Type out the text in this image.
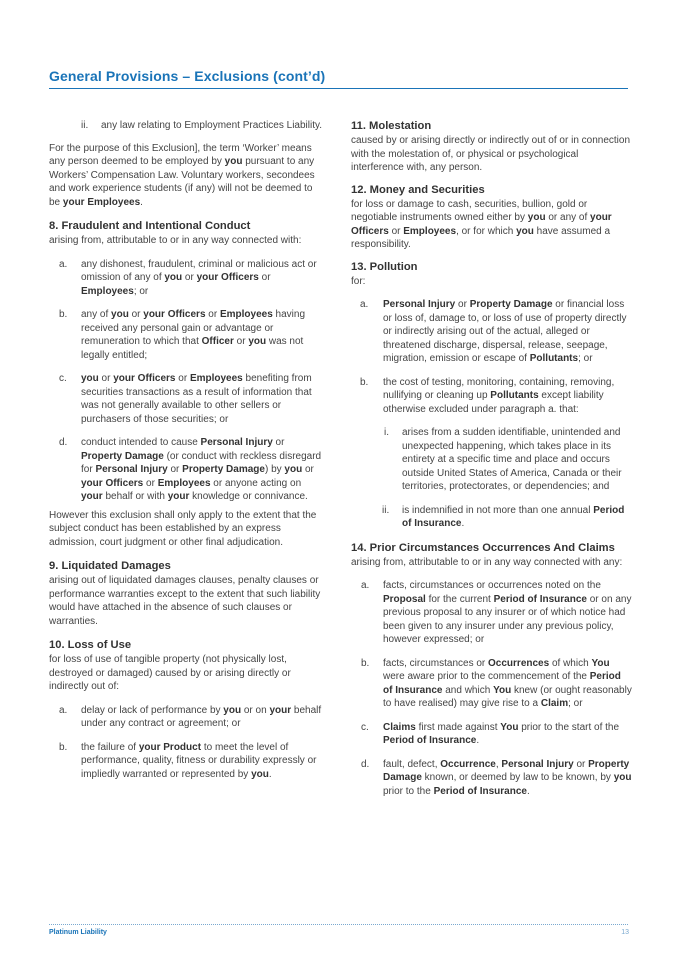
General Provisions – Exclusions (cont’d)
ii. any law relating to Employment Practices Liability.

For the purpose of this Exclusion], the term ‘Worker’ means any person deemed to be employed by you pursuant to any Workers’ Compensation Law. Voluntary workers, secondees and work experience students (if any) will not be deemed to be your Employees.

8. Fraudulent and Intentional Conduct

arising from, attributable to or in any way connected with:

a. any dishonest, fraudulent, criminal or malicious act or omission of any of you or your Officers or Employees; or
b. any of you or your Officers or Employees having received any personal gain or advantage or remuneration to which that Officer or you was not legally entitled;
c. you or your Officers or Employees benefiting from securities transactions as a result of information that was not generally available to other sellers or purchasers of those securities; or
d. conduct intended to cause Personal Injury or Property Damage (or conduct with reckless disregard for Personal Injury or Property Damage) by you or your Officers or Employees or anyone acting on your behalf or with your knowledge or connivance.

However this exclusion shall only apply to the extent that the subject conduct has been established by an express admission, court judgment or other final adjudication.

9. Liquidated Damages

arising out of liquidated damages clauses, penalty clauses or performance warranties except to the extent that such liability would have attached in the absence of such clauses or warranties.

10. Loss of Use

for loss of use of tangible property (not physically lost, destroyed or damaged) caused by or arising directly or indirectly out of:

a. delay or lack of performance by you or on your behalf under any contract or agreement; or
b. the failure of your Product to meet the level of performance, quality, fitness or durability expressly or impliedly warranted or represented by you.

11. Molestation

caused by or arising directly or indirectly out of or in connection with the molestation of, or physical or psychological interference with, any person.

12. Money and Securities

for loss or damage to cash, securities, bullion, gold or negotiable instruments owned either by you or any of your Officers or Employees, or for which you have assumed a responsibility.

13. Pollution

for:

a. Personal Injury or Property Damage or financial loss or loss of, damage to, or loss of use of property directly or indirectly arising out of the actual, alleged or threatened discharge, dispersal, release, seepage, migration, emission or escape of Pollutants; or
b. the cost of testing, monitoring, containing, removing, nullifying or cleaning up Pollutants except liability otherwise excluded under paragraph a. that:
i. arises from a sudden identifiable, unintended and unexpected happening, which takes place in its entirety at a specific time and place and occurs outside United States of America, Canada or their territories, protectorates, or dependencies; and
ii. is indemnified in not more than one annual Period of Insurance.

14. Prior Circumstances Occurrences And Claims

arising from, attributable to or in any way connected with any:

a. facts, circumstances or occurrences noted on the Proposal for the current Period of Insurance or on any previous proposal to any insurer or of which notice had been given to any insurer under any previous policy, however expressed; or
b. facts, circumstances or Occurrences of which You were aware prior to the commencement of the Period of Insurance and which You knew (or ought reasonably to have realised) may give rise to a Claim; or
c. Claims first made against You prior to the start of the Period of Insurance.
d. fault, defect, Occurrence, Personal Injury or Property Damage known, or deemed by law to be known, by you prior to the Period of Insurance.
Platinum Liability	13
